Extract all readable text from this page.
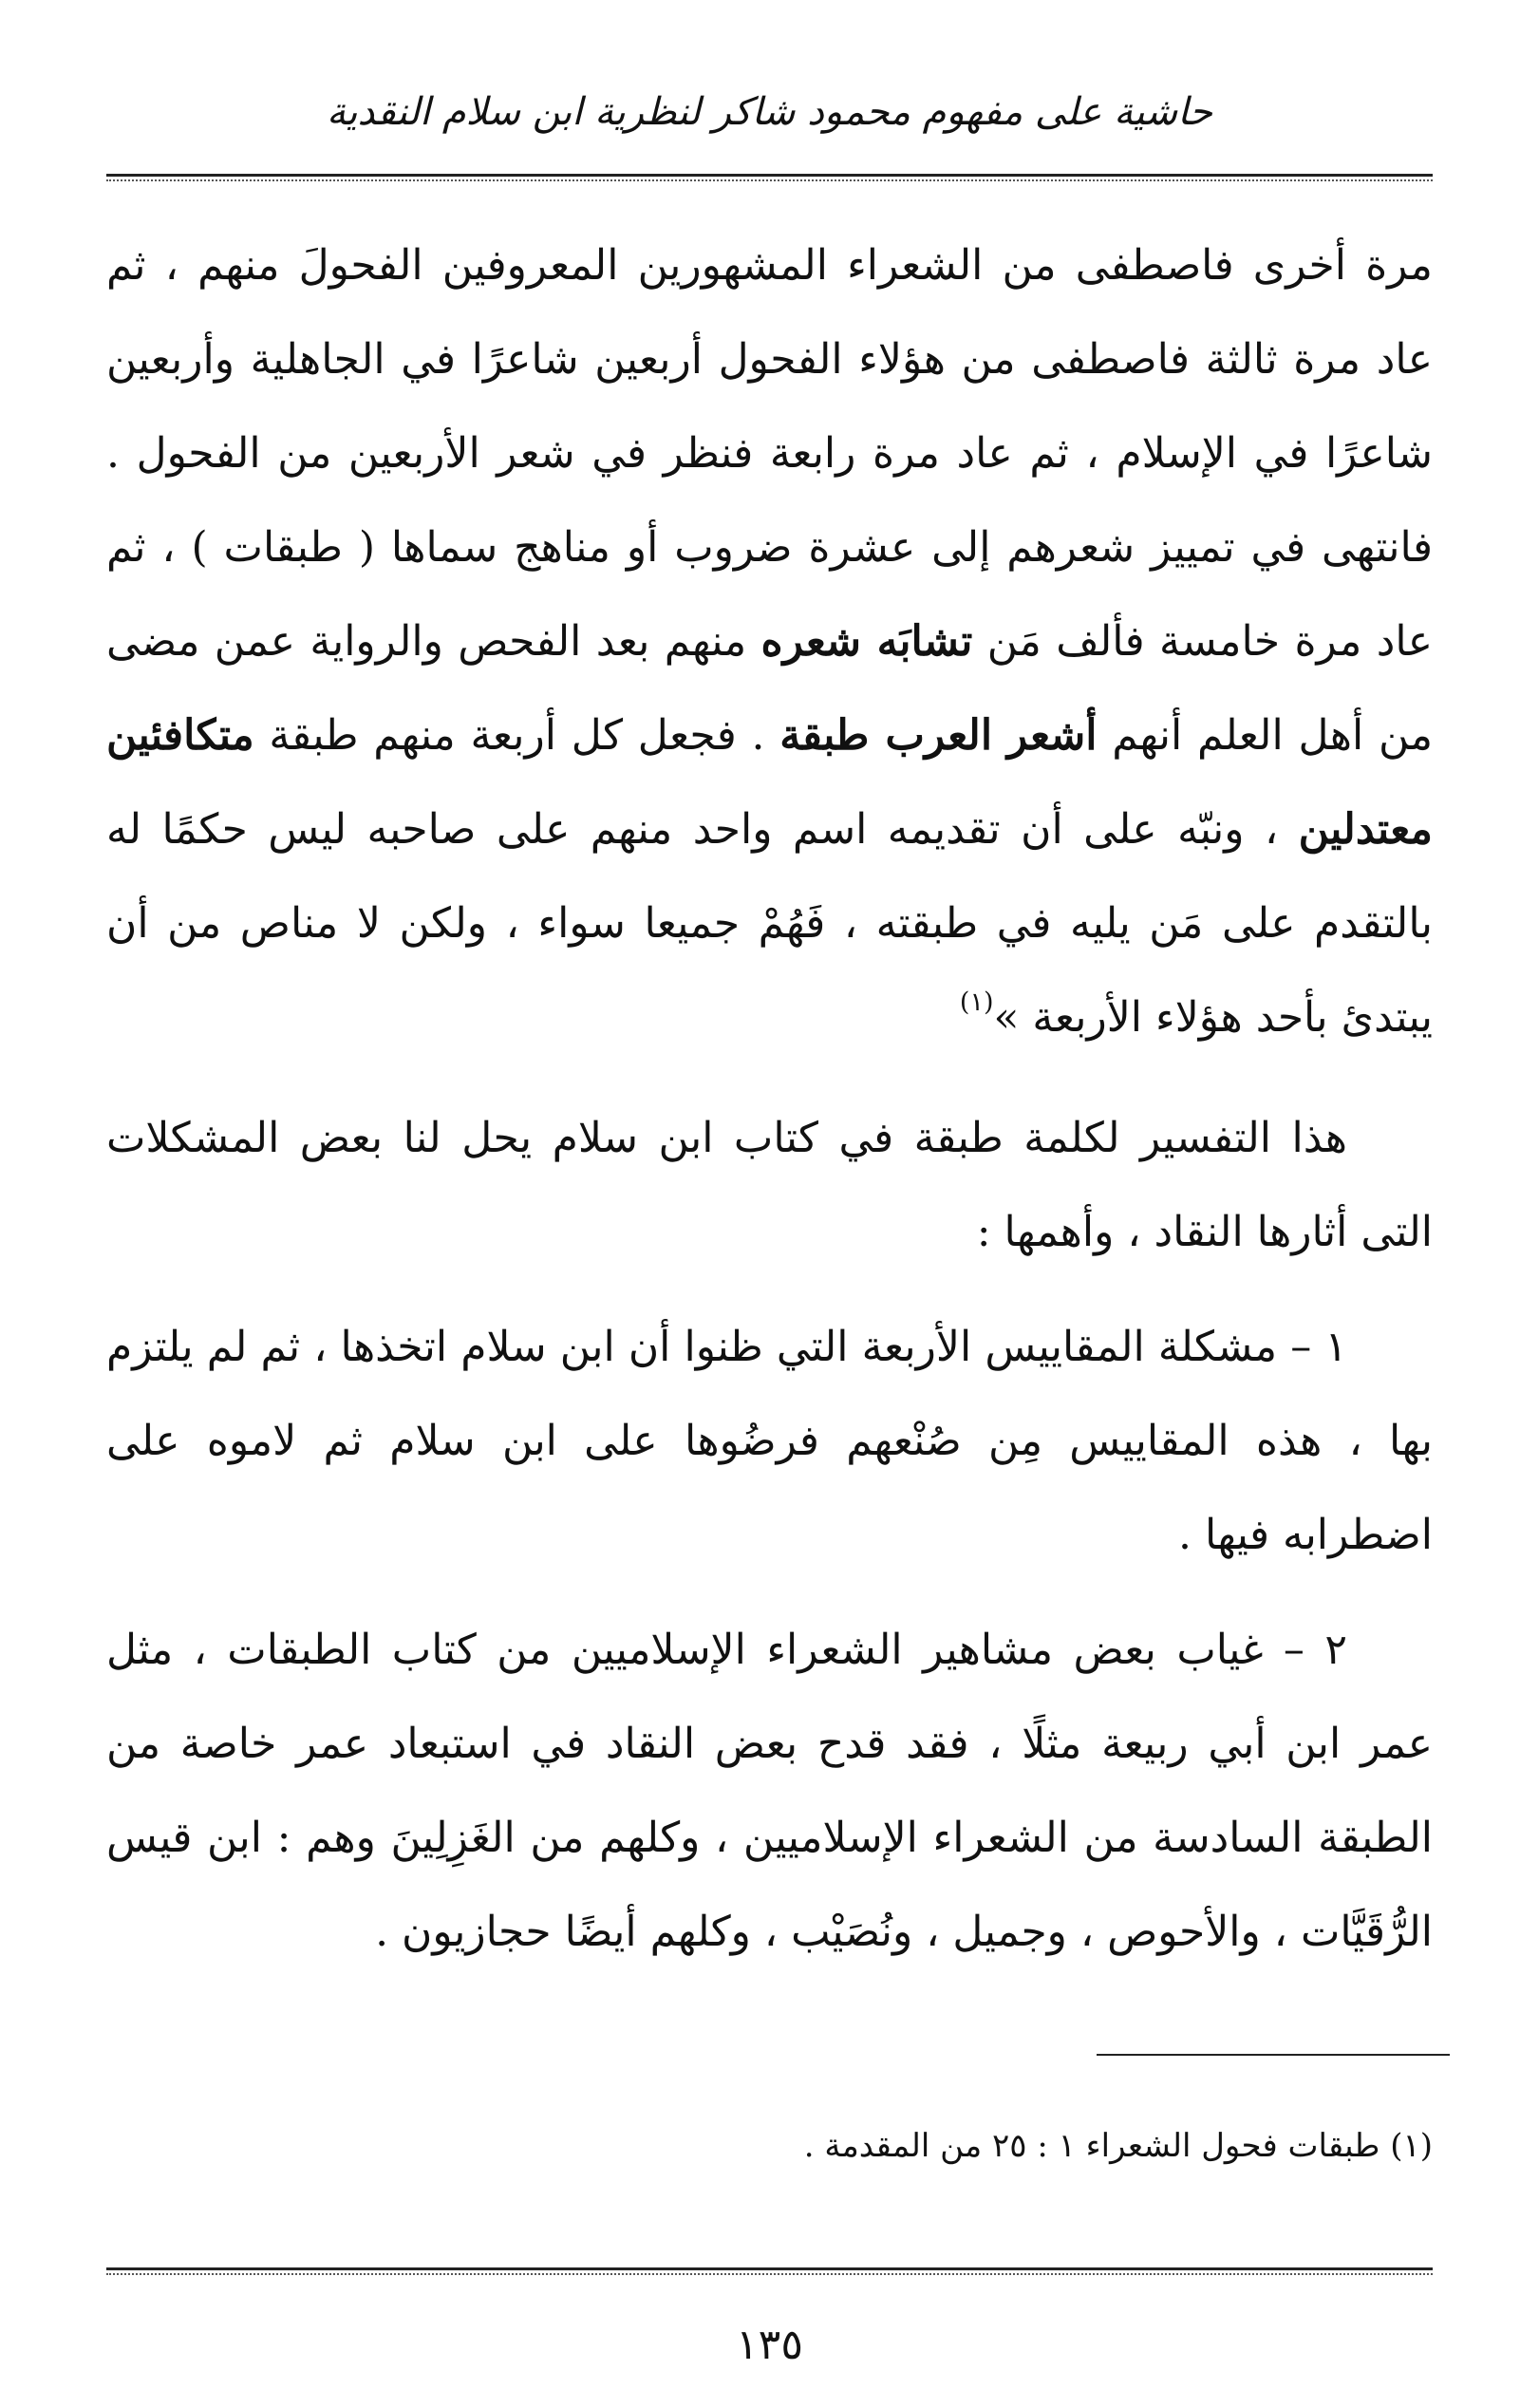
حاشية على مفهوم محمود شاكر لنظرية ابن سلام النقدية

مرة أخرى فاصطفى من الشعراء المشهورين المعروفين الفحولَ منهم ، ثم عاد مرة ثالثة فاصطفى من هؤلاء الفحول أربعين شاعرًا في الجاهلية وأربعين شاعرًا في الإسلام ، ثم عاد مرة رابعة فنظر في شعر الأربعين من الفحول . فانتهى في تمييز شعرهم إلى عشرة ضروب أو مناهج سماها ( طبقات ) ، ثم عاد مرة خامسة فألف مَن تشابَه شعره منهم بعد الفحص والرواية عمن مضى من أهل العلم أنهم أشعر العرب طبقة . فجعل كل أربعة منهم طبقة متكافئين معتدلين ، ونبّه على أن تقديمه اسم واحد منهم على صاحبه ليس حكمًا له بالتقدم على مَن يليه في طبقته ، فَهُمْ جميعا سواء ، ولكن لا مناص من أن يبتدئ بأحد هؤلاء الأربعة »$^{(١)}$

هذا التفسير لكلمة طبقة في كتاب ابن سلام يحل لنا بعض المشكلات التى أثارها النقاد ، وأهمها :

١ – مشكلة المقاييس الأربعة التي ظنوا أن ابن سلام اتخذها ، ثم لم يلتزم بها ، هذه المقاييس مِن صُنْعهم فرضُوها على ابن سلام ثم لاموه على اضطرابه فيها .

٢ – غياب بعض مشاهير الشعراء الإسلاميين من كتاب الطبقات ، مثل عمر ابن أبي ربيعة مثلًا ، فقد قدح بعض النقاد في استبعاد عمر خاصة من الطبقة السادسة من الشعراء الإسلاميين ، وكلهم من الغَزِلِينَ وهم : ابن قيس الرُّقَيَّات ، والأحوص ، وجميل ، ونُصَيْب ، وكلهم أيضًا حجازيون .

(١) طبقات فحول الشعراء ١ : ٢٥ من المقدمة .
١٣٥
